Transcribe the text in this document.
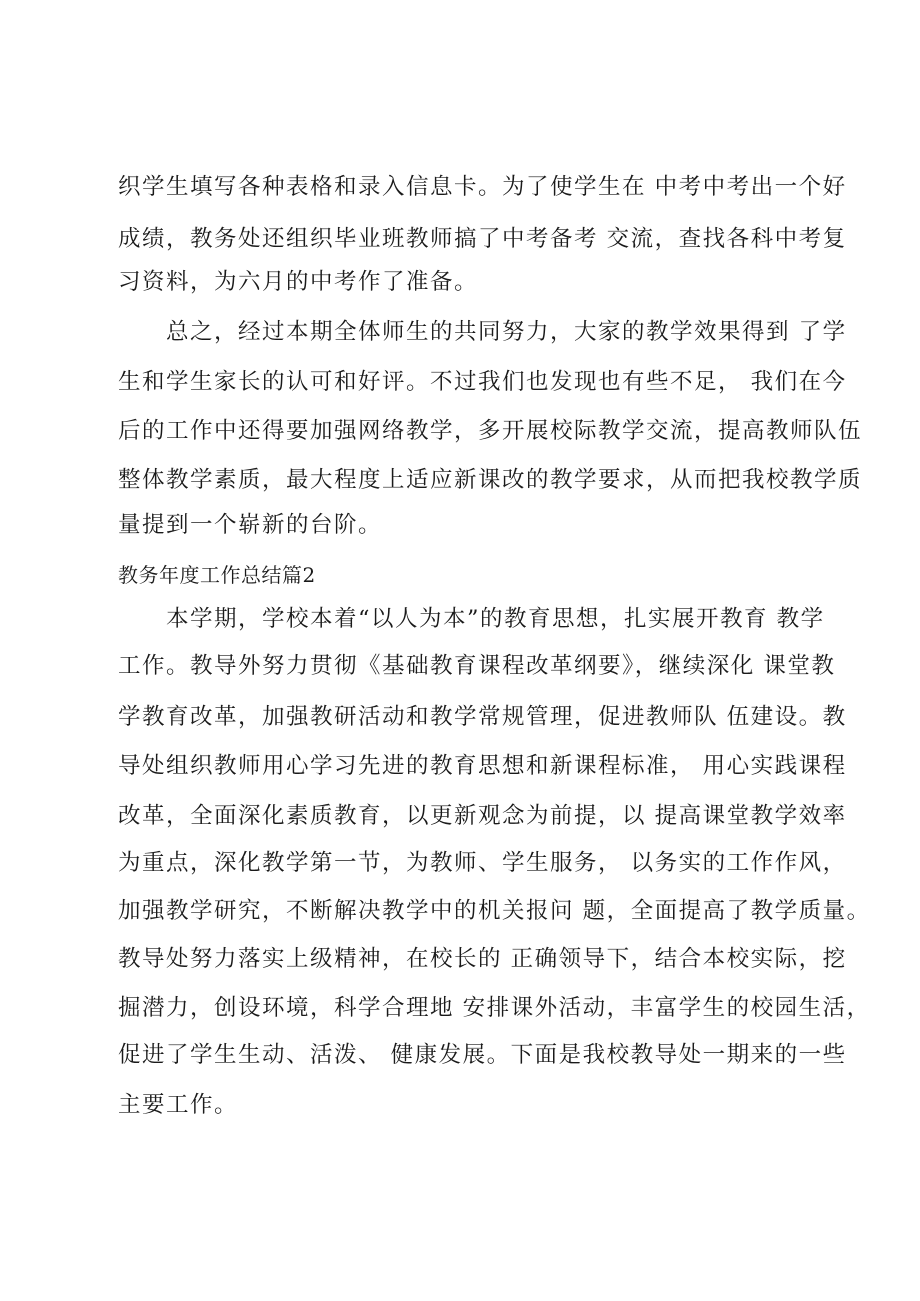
织学生填写各种表格和录入信息卡。为了使学生在 中考中考出一个好
成绩，教务处还组织毕业班教师搞了中考备考 交流，查找各科中考复
习资料，为六月的中考作了准备。
总之，经过本期全体师生的共同努力，大家的教学效果得到 了学
生和学生家长的认可和好评。不过我们也发现也有些不足， 我们在今
后的工作中还得要加强网络教学，多开展校际教学交流，提高教师队伍
整体教学素质，最大程度上适应新课改的教学要求，从而把我校教学质
量提到一个崭新的台阶。
教务年度工作总结篇2
本学期，学校本着“以人为本”的教育思想，扎实展开教育 教学
工作。教导外努力贯彻《基础教育课程改革纲要》，继续深化 课堂教
学教育改革，加强教研活动和教学常规管理，促进教师队 伍建设。教
导处组织教师用心学习先进的教育思想和新课程标准， 用心实践课程
改革，全面深化素质教育，以更新观念为前提，以 提高课堂教学效率
为重点，深化教学第一节，为教师、学生服务， 以务实的工作作风，
加强教学研究，不断解决教学中的机关报问 题，全面提高了教学质量。
教导处努力落实上级精神，在校长的 正确领导下，结合本校实际，挖
掘潜力，创设环境，科学合理地 安排课外活动，丰富学生的校园生活，
促进了学生生动、活泼、 健康发展。下面是我校教导处一期来的一些
主要工作。
